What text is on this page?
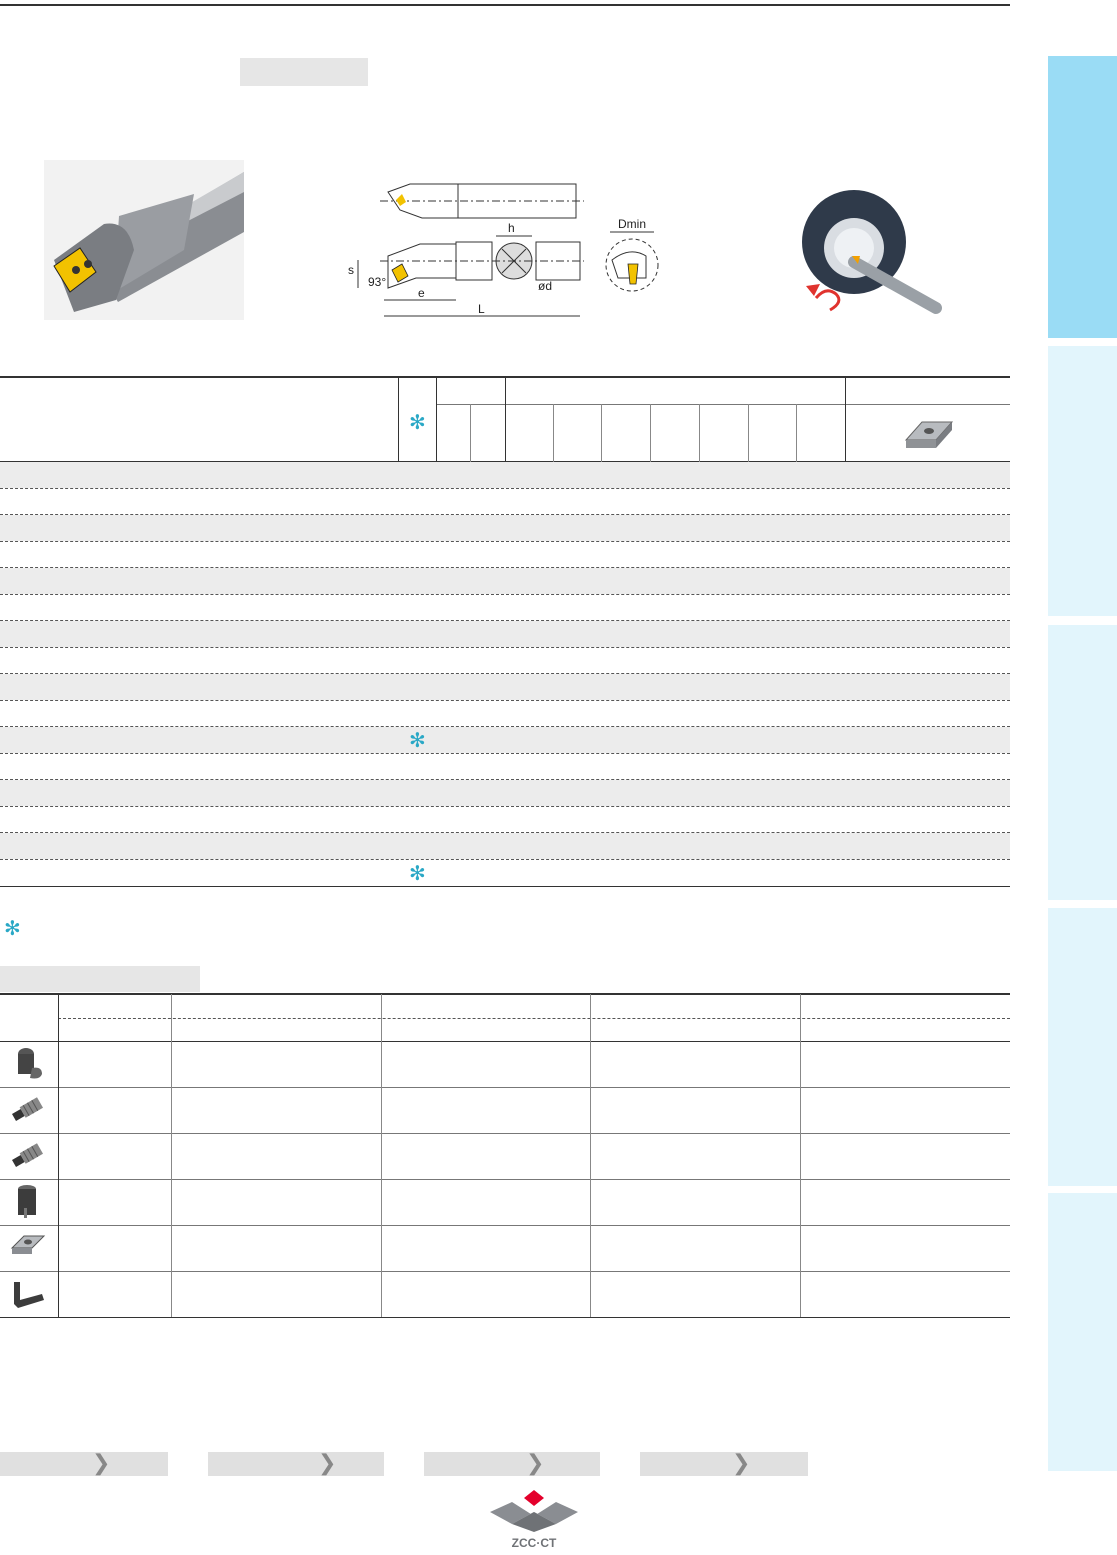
h	Dmin
s
93°
e
L
ød
✻
✻
✻
✻
❯	❯	❯	❯
ZCC·CT
